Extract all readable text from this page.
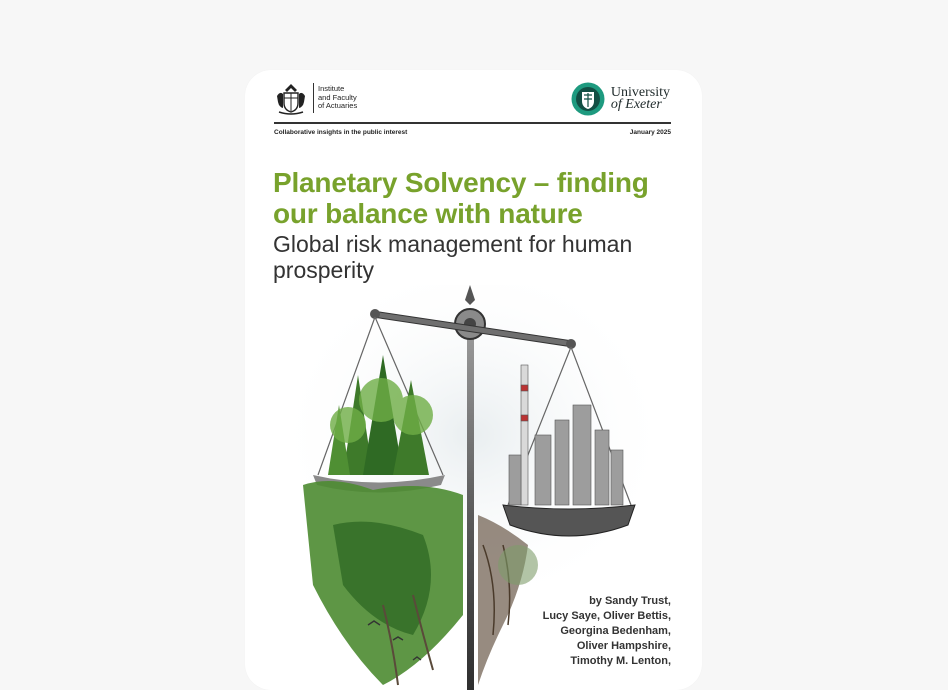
Institute
and Faculty
of Actuaries
University
of Exeter
Collaborative insights in the public interest	January 2025
Planetary Solvency – finding our balance with nature
Global risk management for human prosperity
by Sandy Trust,
Lucy Saye, Oliver Bettis,
Georgina Bedenham,
Oliver Hampshire,
Timothy M. Lenton,
